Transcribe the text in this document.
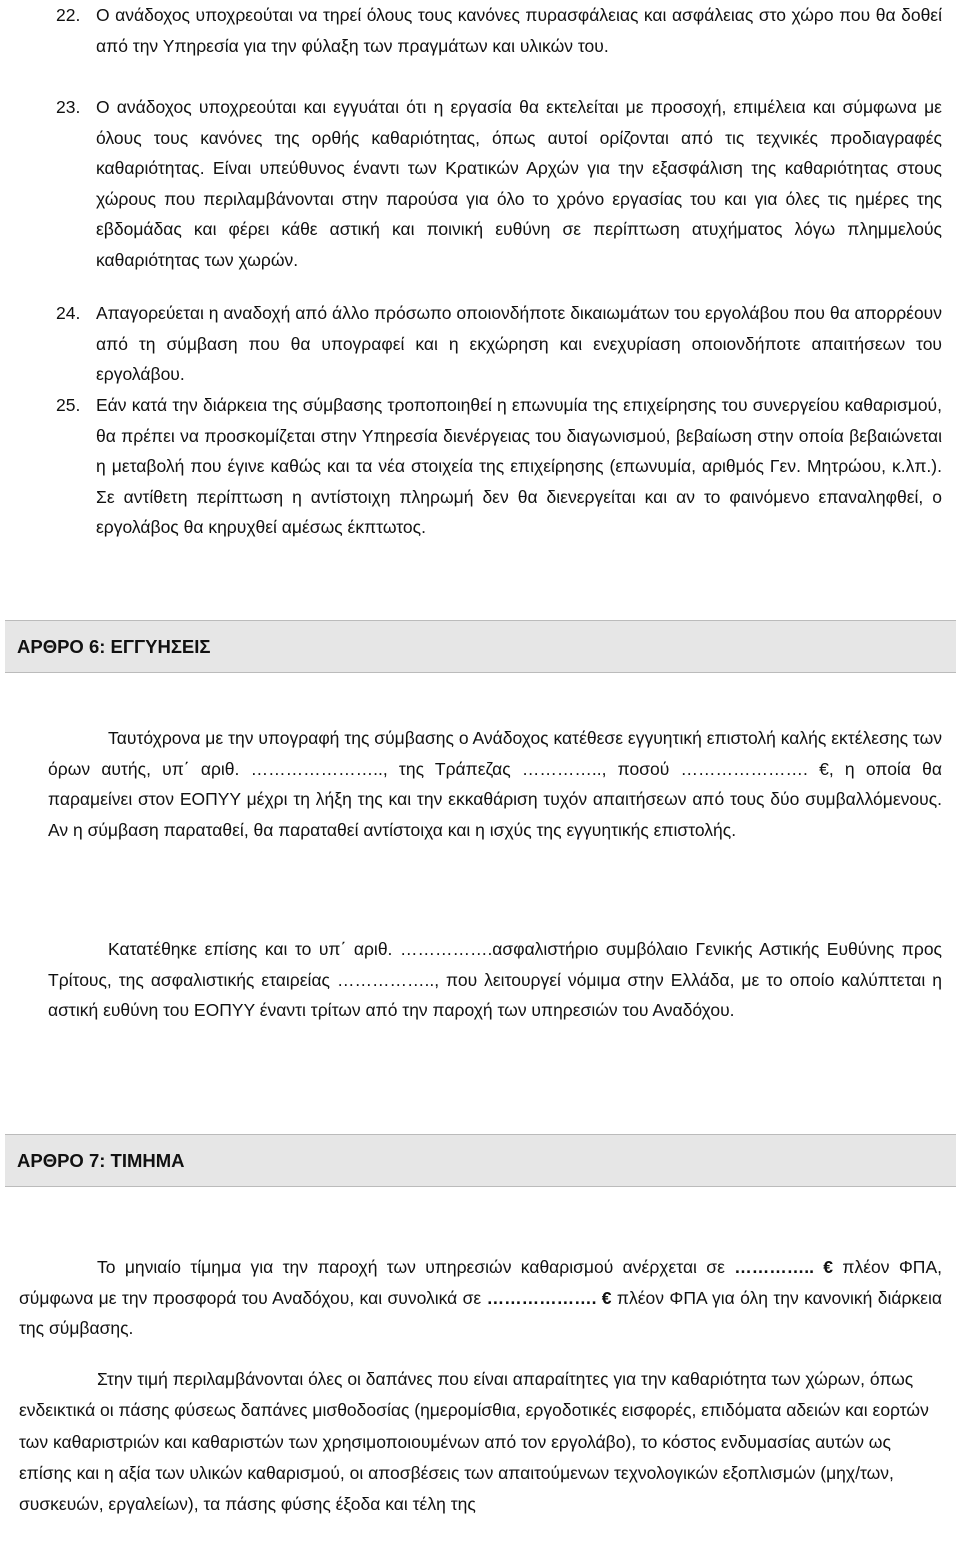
22. Ο ανάδοχος υποχρεούται να τηρεί όλους τους κανόνες πυρασφάλειας και ασφάλειας στο χώρο που θα δοθεί από την Υπηρεσία για την φύλαξη των πραγμάτων και υλικών του.
23. Ο ανάδοχος υποχρεούται και εγγυάται ότι η εργασία θα εκτελείται με προσοχή, επιμέλεια και σύμφωνα με όλους τους κανόνες της ορθής καθαριότητας, όπως αυτοί ορίζονται από τις τεχνικές προδιαγραφές καθαριότητας. Είναι υπεύθυνος έναντι των Κρατικών Αρχών για την εξασφάλιση της καθαριότητας στους χώρους που περιλαμβάνονται στην παρούσα για όλο το χρόνο εργασίας του και για όλες τις ημέρες της εβδομάδας και φέρει κάθε αστική και ποινική ευθύνη σε περίπτωση ατυχήματος λόγω πλημμελούς καθαριότητας των χωρών.
24. Απαγορεύεται η αναδοχή από άλλο πρόσωπο οποιονδήποτε δικαιωμάτων του εργολάβου που θα απορρέουν από τη σύμβαση που θα υπογραφεί και η εκχώρηση και ενεχυρίαση οποιονδήποτε απαιτήσεων του εργολάβου.
25. Εάν κατά την διάρκεια της σύμβασης τροποποιηθεί η επωνυμία της επιχείρησης του συνεργείου καθαρισμού, θα πρέπει να προσκομίζεται στην Υπηρεσία διενέργειας του διαγωνισμού, βεβαίωση στην οποία βεβαιώνεται η μεταβολή που έγινε καθώς και τα νέα στοιχεία της επιχείρησης (επωνυμία, αριθμός Γεν. Μητρώου, κ.λπ.). Σε αντίθετη περίπτωση η αντίστοιχη πληρωμή δεν θα διενεργείται και αν το φαινόμενο επαναληφθεί, ο εργολάβος θα κηρυχθεί αμέσως έκπτωτος.
ΑΡΘΡΟ 6: ΕΓΓΥΗΣΕΙΣ

Ταυτόχρονα με την υπογραφή της σύμβασης ο Ανάδοχος κατέθεσε εγγυητική επιστολή καλής εκτέλεσης των όρων αυτής, υπ΄ αριθ. ………………….., της Τράπεζας ………….., ποσού …………………. €, η οποία θα παραμείνει στον ΕΟΠΥΥ μέχρι τη λήξη της και την εκκαθάριση τυχόν απαιτήσεων από τους δύο συμβαλλόμενους. Αν η σύμβαση παραταθεί, θα παραταθεί αντίστοιχα και η ισχύς της εγγυητικής επιστολής.

Κατατέθηκε επίσης και το υπ΄ αριθ. …………….ασφαλιστήριο συμβόλαιο Γενικής Αστικής Ευθύνης προς Τρίτους, της ασφαλιστικής εταιρείας …………….., που λειτουργεί νόμιμα στην Ελλάδα, με το οποίο καλύπτεται η αστική ευθύνη του ΕΟΠΥΥ έναντι τρίτων από την παροχή των υπηρεσιών του Αναδόχου.

ΑΡΘΡΟ 7: ΤΙΜΗΜΑ

Το μηνιαίο τίμημα για την παροχή των υπηρεσιών καθαρισμού ανέρχεται σε ………….. € πλέον ΦΠΑ, σύμφωνα με την προσφορά του Αναδόχου, και συνολικά σε ………………. € πλέον ΦΠΑ για όλη την κανονική διάρκεια της σύμβασης.

Στην τιμή περιλαμβάνονται όλες οι δαπάνες που είναι απαραίτητες για την καθαριότητα των χώρων, όπως ενδεικτικά οι πάσης φύσεως δαπάνες μισθοδοσίας (ημερομίσθια, εργοδοτικές εισφορές, επιδόματα αδειών και εορτών των καθαριστριών και καθαριστών των χρησιμοποιουμένων από τον εργολάβο), το κόστος ενδυμασίας αυτών ως επίσης και η αξία των υλικών καθαρισμού, οι αποσβέσεις των απαιτούμενων τεχνολογικών εξοπλισμών (μηχ/των, συσκευών, εργαλείων), τα πάσης φύσης έξοδα και τέλη της
